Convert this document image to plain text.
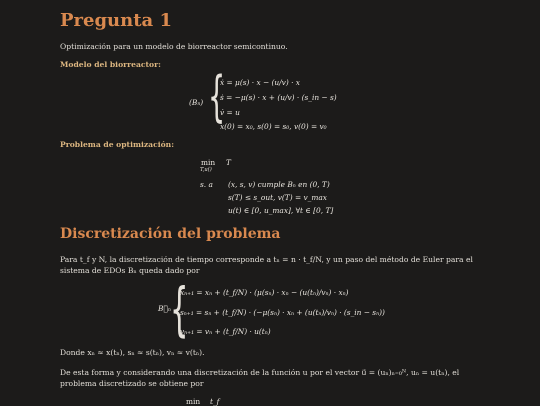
Pregunta 1
Optimización para un modelo de biorreactor semicontinuo.
Modelo del biorreactor:
(Bₙ) {
ẋ = μ(s) · x − (u/v) · x
ṡ = −μ(s) · x + (u/v) · (s_in − s)
v̇ = u
x(0) = x₀, s(0) = s₀, v(0) = v₀
Problema de optimización:
min
T,u()
T
s. a (x, s, v) cumple Bₙ en (0, T)
s(T) ≤ s_out, v(T) = v_max
u(t) ∈ [0, u_max], ∀t ∈ [0, T]
Discretización del problema
Para t_f y N, la discretización de tiempo corresponde a tₙ = n · t_f/N, y un paso del método de Euler para el
sistema de EDOs Bₙ queda dado por
B⃗ₙ {
xₙ₊₁ = xₙ + (t_f/N) · (μ(sₙ) · xₙ − (u(tₙ)/vₙ) · xₙ)
sₙ₊₁ = sₙ + (t_f/N) · (−μ(sₙ) · xₙ + (u(tₙ)/vₙ) · (s_in − sₙ))
vₙ₊₁ = vₙ + (t_f/N) · u(tₙ)
Donde xₙ ≈ x(tₙ), sₙ ≈ s(tₙ), vₙ ≈ v(tₙ).
De esta forma y considerando una discretización de la función u por el vector u⃗ = (uₙ)ₙ₌₀ᴺ, uₙ = u(tₙ), el
problema discretizado se obtiene por
min t_f
